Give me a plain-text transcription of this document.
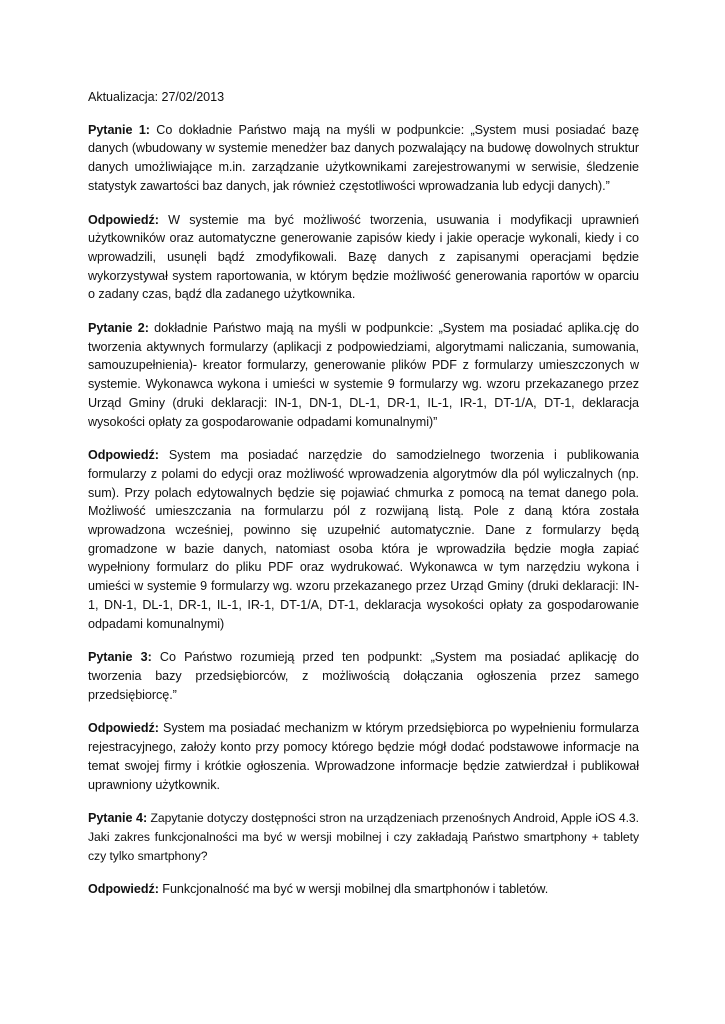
Aktualizacja: 27/02/2013

Pytanie 1: Co dokładnie Państwo mają na myśli w podpunkcie: „System musi posiadać bazę danych (wbudowany w systemie menedżer baz danych pozwalający na budowę dowolnych struktur danych umożliwiające m.in. zarządzanie użytkownikami zarejestrowanymi w serwisie, śledzenie statystyk zawartości baz danych, jak również częstotliwości wprowadzania lub edycji danych).”

Odpowiedź: W systemie ma być możliwość tworzenia, usuwania i modyfikacji uprawnień użytkowników oraz automatyczne generowanie zapisów kiedy i jakie operacje wykonali, kiedy i co wprowadzili, usunęli bądź zmodyfikowali. Bazę danych z zapisanymi operacjami będzie wykorzystywał system raportowania, w którym będzie możliwość generowania raportów w oparciu o zadany czas, bądź dla zadanego użytkownika.

Pytanie 2: dokładnie Państwo mają na myśli w podpunkcie: „System ma posiadać aplika.cję do tworzenia aktywnych formularzy (aplikacji z podpowiedziami, algorytmami naliczania, sumowania, samouzupełnienia)- kreator formularzy, generowanie plików PDF z formularzy umieszczonych w systemie. Wykonawca wykona i umieści w systemie 9 formularzy wg. wzoru przekazanego przez Urząd Gminy (druki deklaracji: IN-1, DN-1, DL-1, DR-1, IL-1, IR-1, DT-1/A, DT-1, deklaracja wysokości opłaty za gospodarowanie odpadami komunalnymi)”

Odpowiedź: System ma posiadać narzędzie do samodzielnego tworzenia i publikowania formularzy z polami do edycji oraz możliwość wprowadzenia algorytmów dla pól wyliczalnych (np. sum). Przy polach edytowalnych będzie się pojawiać chmurka z pomocą na temat danego pola. Możliwość umieszczania na formularzu pól z rozwijaną listą. Pole z daną która została wprowadzona wcześniej, powinno się uzupełnić automatycznie. Dane z formularzy będą gromadzone w bazie danych, natomiast osoba która je wprowadziła będzie mogła zapiać wypełniony formularz do pliku PDF oraz wydrukować. Wykonawca w tym narzędziu wykona i umieści w systemie 9 formularzy wg. wzoru przekazanego przez Urząd Gminy (druki deklaracji: IN-1, DN-1, DL-1, DR-1, IL-1, IR-1, DT-1/A, DT-1, deklaracja wysokości opłaty za gospodarowanie odpadami komunalnymi)

Pytanie 3: Co Państwo rozumieją przed ten podpunkt: „System ma posiadać aplikację do tworzenia bazy przedsiębiorców, z możliwością dołączania ogłoszenia przez samego przedsiębiorcę.”

Odpowiedź: System ma posiadać mechanizm w którym przedsiębiorca po wypełnieniu formularza rejestracyjnego, założy konto przy pomocy którego będzie mógł dodać podstawowe informacje na temat swojej firmy i krótkie ogłoszenia. Wprowadzone informacje będzie zatwierdzał i publikował uprawniony użytkownik.

Pytanie 4: Zapytanie dotyczy dostępności stron na urządzeniach przenośnych Android, Apple iOS 4.3. Jaki zakres funkcjonalności ma być w wersji mobilnej i czy zakładają Państwo smartphony + tablety czy tylko smartphony?

Odpowiedź: Funkcjonalność ma być w wersji mobilnej dla smartphonów i tabletów.
